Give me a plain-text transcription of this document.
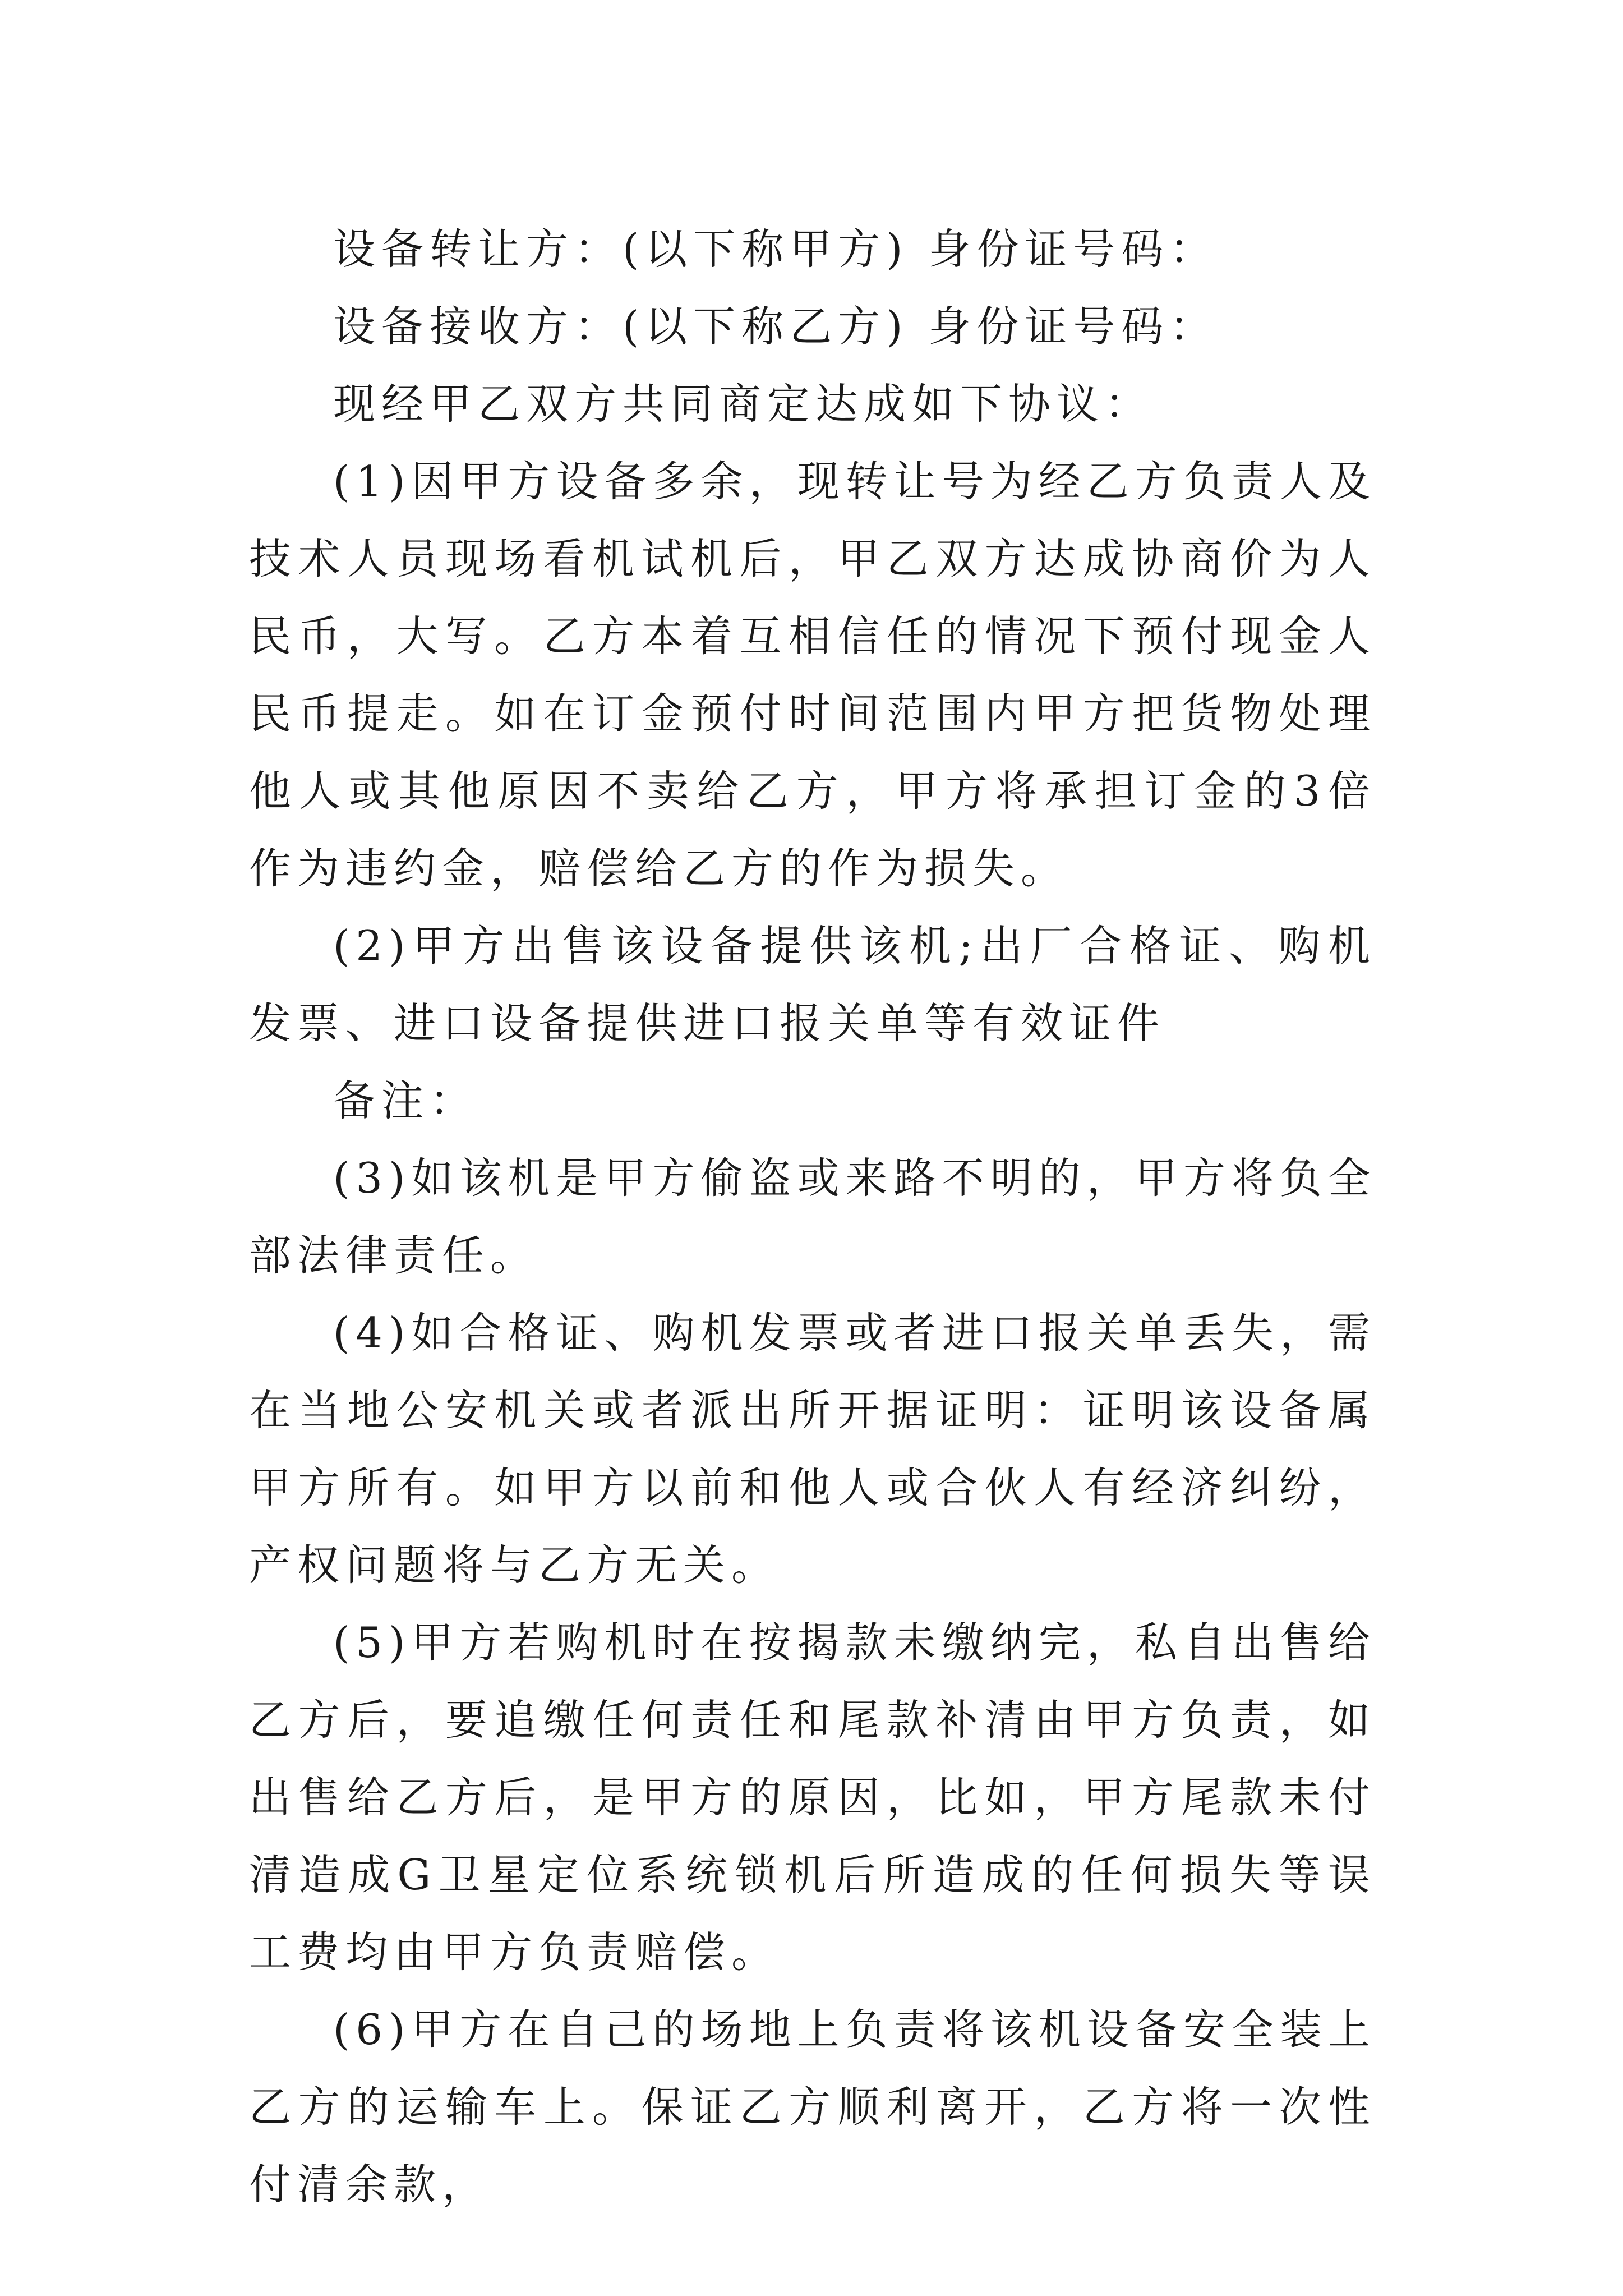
设备转让方：(以下称甲方) 身份证号码：

设备接收方：(以下称乙方) 身份证号码：

现经甲乙双方共同商定达成如下协议：

(1)因甲方设备多余，现转让号为经乙方负责人及技术人员现场看机试机后，甲乙双方达成协商价为人民币，大写。乙方本着互相信任的情况下预付现金人民币提走。如在订金预付时间范围内甲方把货物处理他人或其他原因不卖给乙方，甲方将承担订金的3倍作为违约金，赔偿给乙方的作为损失。

(2)甲方出售该设备提供该机;出厂合格证、购机发票、进口设备提供进口报关单等有效证件

备注：

(3)如该机是甲方偷盗或来路不明的，甲方将负全部法律责任。

(4)如合格证、购机发票或者进口报关单丢失，需在当地公安机关或者派出所开据证明：证明该设备属甲方所有。如甲方以前和他人或合伙人有经济纠纷，产权问题将与乙方无关。

(5)甲方若购机时在按揭款未缴纳完，私自出售给乙方后，要追缴任何责任和尾款补清由甲方负责，如出售给乙方后，是甲方的原因，比如，甲方尾款未付清造成G卫星定位系统锁机后所造成的任何损失等误工费均由甲方负责赔偿。

(6)甲方在自己的场地上负责将该机设备安全装上乙方的运输车上。保证乙方顺利离开，乙方将一次性付清余款，
